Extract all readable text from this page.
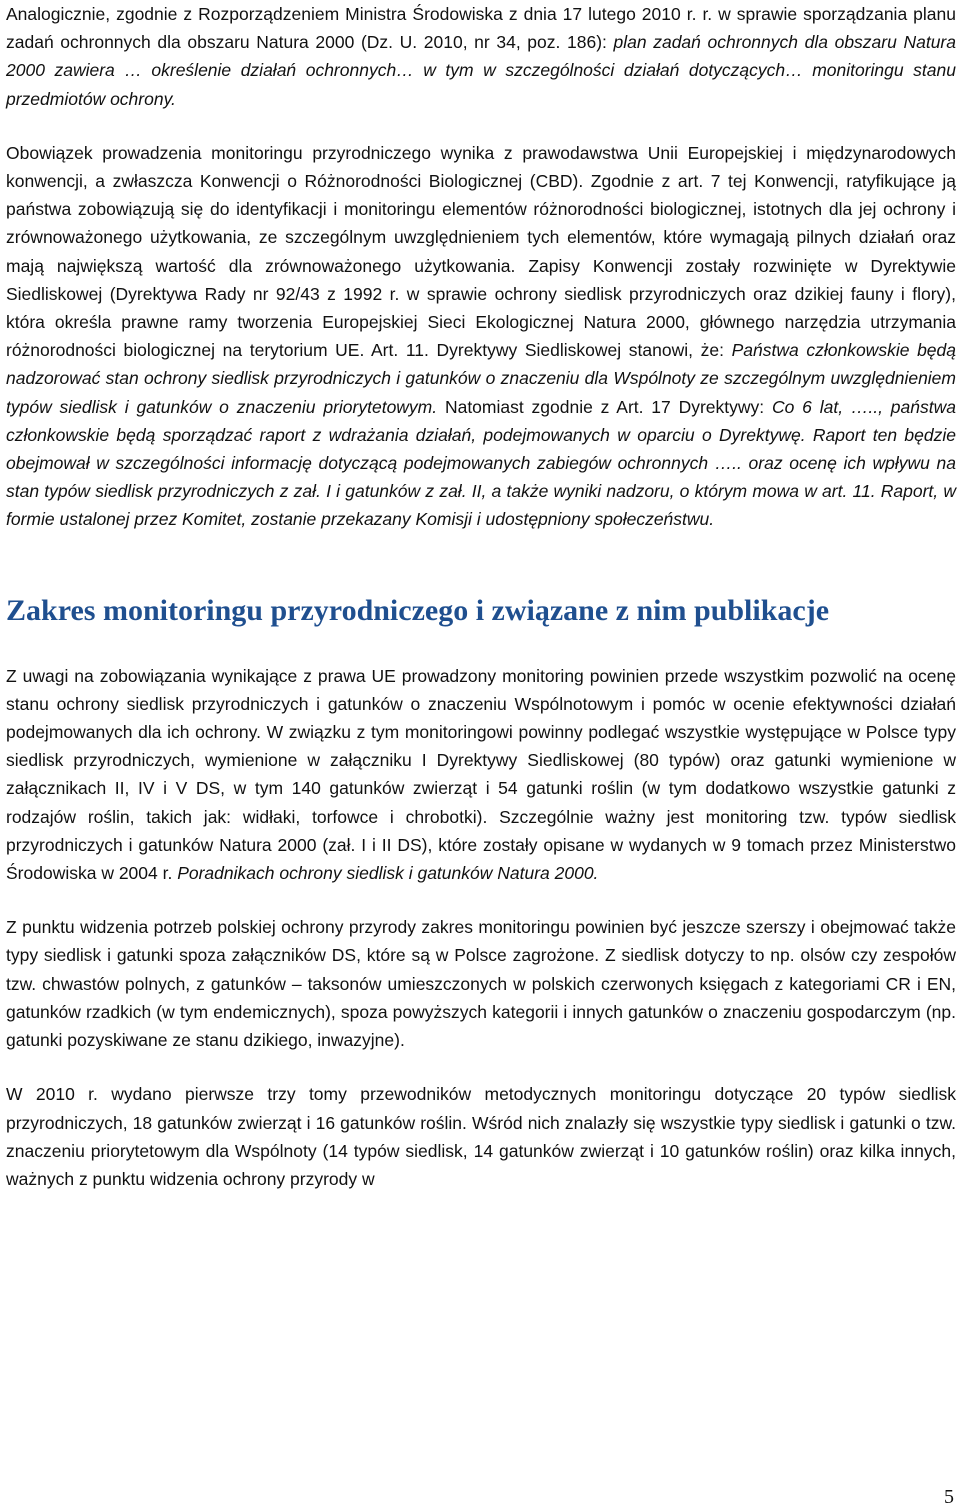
Analogicznie, zgodnie z Rozporządzeniem Ministra Środowiska z dnia 17 lutego 2010 r. r. w sprawie sporządzania planu zadań ochronnych dla obszaru Natura 2000 (Dz. U. 2010, nr 34, poz. 186): plan zadań ochronnych dla obszaru Natura 2000 zawiera … określenie działań ochronnych… w tym w szczególności działań dotyczących… monitoringu stanu przedmiotów ochrony.

Obowiązek prowadzenia monitoringu przyrodniczego wynika z prawodawstwa Unii Europejskiej i międzynarodowych konwencji, a zwłaszcza Konwencji o Różnorodności Biologicznej (CBD). Zgodnie z art. 7 tej Konwencji, ratyfikujące ją państwa zobowiązują się do identyfikacji i monitoringu elementów różnorodności biologicznej, istotnych dla jej ochrony i zrównoważonego użytkowania, ze szczególnym uwzględnieniem tych elementów, które wymagają pilnych działań oraz mają największą wartość dla zrównoważonego użytkowania. Zapisy Konwencji zostały rozwinięte w Dyrektywie Siedliskowej (Dyrektywa Rady nr 92/43 z 1992 r. w sprawie ochrony siedlisk przyrodniczych oraz dzikiej fauny i flory), która określa prawne ramy tworzenia Europejskiej Sieci Ekologicznej Natura 2000, głównego narzędzia utrzymania różnorodności biologicznej na terytorium UE. Art. 11. Dyrektywy Siedliskowej stanowi, że: Państwa członkowskie będą nadzorować stan ochrony siedlisk przyrodniczych i gatunków o znaczeniu dla Wspólnoty ze szczególnym uwzględnieniem typów siedlisk i gatunków o znaczeniu priorytetowym. Natomiast zgodnie z Art. 17 Dyrektywy: Co 6 lat, ….., państwa członkowskie będą sporządzać raport z wdrażania działań, podejmowanych w oparciu o Dyrektywę. Raport ten będzie obejmował w szczególności informację dotyczącą podejmowanych zabiegów ochronnych ….. oraz ocenę ich wpływu na stan typów siedlisk przyrodniczych z zał. I i gatunków z zał. II, a także wyniki nadzoru, o którym mowa w art. 11. Raport, w formie ustalonej przez Komitet, zostanie przekazany Komisji i udostępniony społeczeństwu.

Zakres monitoringu przyrodniczego i związane z nim publikacje

Z uwagi na zobowiązania wynikające z prawa UE prowadzony monitoring powinien przede wszystkim pozwolić na ocenę stanu ochrony siedlisk przyrodniczych i gatunków o znaczeniu Wspólnotowym i pomóc w ocenie efektywności działań podejmowanych dla ich ochrony. W związku z tym monitoringowi powinny podlegać wszystkie występujące w Polsce typy siedlisk przyrodniczych, wymienione w załączniku I Dyrektywy Siedliskowej (80 typów) oraz gatunki wymienione w załącznikach II, IV i V DS, w tym 140 gatunków zwierząt i 54 gatunki roślin (w tym dodatkowo wszystkie gatunki z rodzajów roślin, takich jak: widłaki, torfowce i chrobotki). Szczególnie ważny jest monitoring tzw. typów siedlisk przyrodniczych i gatunków Natura 2000 (zał. I i II DS), które zostały opisane w wydanych w 9 tomach przez Ministerstwo Środowiska w 2004 r. Poradnikach ochrony siedlisk i gatunków Natura 2000.

Z punktu widzenia potrzeb polskiej ochrony przyrody zakres monitoringu powinien być jeszcze szerszy i obejmować także typy siedlisk i gatunki spoza załączników DS, które są w Polsce zagrożone. Z siedlisk dotyczy to np. olsów czy zespołów tzw. chwastów polnych, z gatunków – taksonów umieszczonych w polskich czerwonych księgach z kategoriami CR i EN, gatunków rzadkich (w tym endemicznych), spoza powyższych kategorii i innych gatunków o znaczeniu gospodarczym (np. gatunki pozyskiwane ze stanu dzikiego, inwazyjne).

W 2010 r. wydano pierwsze trzy tomy przewodników metodycznych monitoringu dotyczące 20 typów siedlisk przyrodniczych, 18 gatunków zwierząt i 16 gatunków roślin. Wśród nich znalazły się wszystkie typy siedlisk i gatunki o tzw. znaczeniu priorytetowym dla Wspólnoty (14 typów siedlisk, 14 gatunków zwierząt i 10 gatunków roślin) oraz kilka innych, ważnych z punktu widzenia ochrony przyrody w

5
